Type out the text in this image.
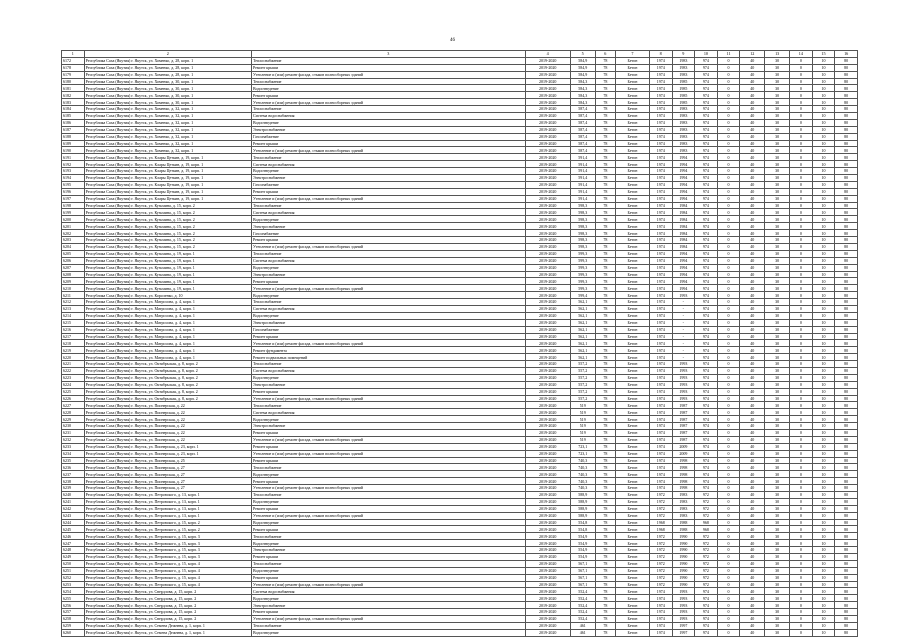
46
1	2	3	4	5	6	7	8	9	10	11	12	13	14	15	16
6172	Республика Саха (Якутия) г. Якутск, ул. Хоменко, д. 28, корп. 1	Теплоснабжение	2019-2020	584,9	78	Бетон	1974	1983	974	0	40	30	0	10	80
6178	Республика Саха (Якутия) г. Якутск, ул. Хоменко, д. 28, корп. 1	Ремонт крыши	2019-2020	584,9	78	Бетон	1974	1983	974	0	40	30	0	10	80
6179	Республика Саха (Якутия) г. Якутск, ул. Хоменко, д. 28, корп. 1	Утепление и (или) ремонт фасада, стыков полносборных зданий	2019-2020	584,9	78	Бетон	1974	1983	974	0	40	30	0	10	80
6180	Республика Саха (Якутия) г. Якутск, ул. Хоменко, д. 30, корп. 1	Теплоснабжение	2019-2020	584,3	78	Бетон	1974	1985	974	0	40	30	0	10	80
6181	Республика Саха (Якутия) г. Якутск, ул. Хоменко, д. 30, корп. 1	Водоотведение	2019-2020	584,3	78	Бетон	1974	1985	974	0	40	30	0	10	80
6182	Республика Саха (Якутия) г. Якутск, ул. Хоменко, д. 30, корп. 1	Ремонт крыши	2019-2020	584,3	78	Бетон	1974	1985	974	0	40	30	0	10	80
6183	Республика Саха (Якутия) г. Якутск, ул. Хоменко, д. 30, корп. 1	Утепление и (или) ремонт фасада, стыков полносборных зданий	2019-2020	584,3	78	Бетон	1974	1985	974	0	40	30	0	10	80
6184	Республика Саха (Якутия) г. Якутск, ул. Хоменко, д. 32, корп. 1	Теплоснабжение	2019-2020	587,4	78	Бетон	1974	1983	974	0	40	30	0	10	80
6185	Республика Саха (Якутия) г. Якутск, ул. Хоменко, д. 32, корп. 1	Система водоснабжения	2019-2020	587,4	78	Бетон	1974	1983	974	0	40	30	0	10	80
6186	Республика Саха (Якутия) г. Якутск, ул. Хоменко, д. 32, корп. 1	Водоотведение	2019-2020	587,4	78	Бетон	1974	1983	974	0	40	30	0	10	80
6187	Республика Саха (Якутия) г. Якутск, ул. Хоменко, д. 32, корп. 1	Электроснабжение	2019-2020	587,4	78	Бетон	1974	1983	974	0	40	30	0	10	80
6188	Республика Саха (Якутия) г. Якутск, ул. Хоменко, д. 32, корп. 1	Газоснабжение	2019-2020	587,4	78	Бетон	1974	1983	974	0	40	30	0	10	80
6189	Республика Саха (Якутия) г. Якутск, ул. Хоменко, д. 32, корп. 1	Ремонт крыши	2019-2020	587,4	78	Бетон	1974	1983	974	0	40	30	0	10	80
6190	Республика Саха (Якутия) г. Якутск, ул. Хоменко, д. 32, корп. 1	Утепление и (или) ремонт фасада, стыков полносборных зданий	2019-2020	587,4	78	Бетон	1974	1983	974	0	40	30	0	10	80
6191	Республика Саха (Якутия) г. Якутск, ул. Клары Цеткин, д. 19, корп. 1	Теплоснабжение	2019-2020	591,4	78	Бетон	1974	1994	974	0	40	30	0	10	80
6192	Республика Саха (Якутия) г. Якутск, ул. Клары Цеткин, д. 19, корп. 1	Система водоснабжения	2019-2020	591,4	78	Бетон	1974	1994	974	0	40	30	0	10	80
6193	Республика Саха (Якутия) г. Якутск, ул. Клары Цеткин, д. 19, корп. 1	Водоотведение	2019-2020	591,4	78	Бетон	1974	1994	974	0	40	30	0	10	80
6194	Республика Саха (Якутия) г. Якутск, ул. Клары Цеткин, д. 19, корп. 1	Электроснабжение	2019-2020	591,4	78	Бетон	1974	1994	974	0	40	30	0	10	80
6195	Республика Саха (Якутия) г. Якутск, ул. Клары Цеткин, д. 19, корп. 1	Газоснабжение	2019-2020	591,4	78	Бетон	1974	1994	974	0	40	30	0	10	80
6196	Республика Саха (Якутия) г. Якутск, ул. Клары Цеткин, д. 19, корп. 1	Ремонт крыши	2019-2020	591,4	78	Бетон	1974	1994	974	0	40	30	0	10	80
6197	Республика Саха (Якутия) г. Якутск, ул. Клары Цеткин, д. 19, корп. 1	Утепление и (или) ремонт фасада, стыков полносборных зданий	2019-2020	591,4	78	Бетон	1974	1994	974	0	40	30	0	10	80
6198	Республика Саха (Якутия) г. Якутск, ул. Кузьмина, д. 15, корп. 2	Теплоснабжение	2019-2020	598,3	78	Бетон	1974	1984	974	0	40	30	0	10	80
6199	Республика Саха (Якутия) г. Якутск, ул. Кузьмина, д. 15, корп. 2	Система водоснабжения	2019-2020	598,3	78	Бетон	1974	1984	974	0	40	30	0	10	80
6200	Республика Саха (Якутия) г. Якутск, ул. Кузьмина, д. 15, корп. 2	Водоотведение	2019-2020	598,3	78	Бетон	1974	1984	974	0	40	30	0	10	80
6201	Республика Саха (Якутия) г. Якутск, ул. Кузьмина, д. 15, корп. 2	Электроснабжение	2019-2020	598,3	78	Бетон	1974	1984	974	0	40	30	0	10	80
6202	Республика Саха (Якутия) г. Якутск, ул. Кузьмина, д. 15, корп. 2	Газоснабжение	2019-2020	598,3	78	Бетон	1974	1984	974	0	40	30	0	10	80
6203	Республика Саха (Якутия) г. Якутск, ул. Кузьмина, д. 15, корп. 2	Ремонт крыши	2019-2020	598,3	78	Бетон	1974	1984	974	0	40	30	0	10	80
6204	Республика Саха (Якутия) г. Якутск, ул. Кузьмина, д. 15, корп. 2	Утепление и (или) ремонт фасада, стыков полносборных зданий	2019-2020	598,3	78	Бетон	1974	1984	974	0	40	30	0	10	80
6205	Республика Саха (Якутия) г. Якутск, ул. Кузьмина, д. 19, корп. 1	Теплоснабжение	2019-2020	599,3	78	Бетон	1974	1994	974	0	40	30	0	10	80
6206	Республика Саха (Якутия) г. Якутск, ул. Кузьмина, д. 19, корп. 1	Система водоснабжения	2019-2020	599,3	78	Бетон	1974	1994	974	0	40	30	0	10	80
6207	Республика Саха (Якутия) г. Якутск, ул. Кузьмина, д. 19, корп. 1	Водоотведение	2019-2020	599,3	78	Бетон	1974	1994	974	0	40	30	0	10	80
6208	Республика Саха (Якутия) г. Якутск, ул. Кузьмина, д. 19, корп. 1	Электроснабжение	2019-2020	599,3	78	Бетон	1974	1994	974	0	40	30	0	10	80
6209	Республика Саха (Якутия) г. Якутск, ул. Кузьмина, д. 19, корп. 1	Ремонт крыши	2019-2020	599,3	78	Бетон	1974	1994	974	0	40	30	0	10	80
6210	Республика Саха (Якутия) г. Якутск, ул. Кузьмина, д. 19, корп. 1	Утепление и (или) ремонт фасада, стыков полносборных зданий	2019-2020	599,3	78	Бетон	1974	1994	974	0	40	30	0	10	80
6211	Республика Саха (Якутия) г. Якутск, ул. Короленко, д. 10	Водоотведение	2019-2020	599,4	78	Бетон	1974	1993	974	0	40	30	0	10	80
6212	Республика Саха (Якутия) г. Якутск, ул. Матросова, д. 4, корп. 1	Теплоснабжение	2019-2020	562,1	78	Бетон	1974	-	974	0	40	30	0	10	80
6213	Республика Саха (Якутия) г. Якутск, ул. Матросова, д. 4, корп. 1	Система водоснабжения	2019-2020	562,1	78	Бетон	1974	-	974	0	40	30	0	10	80
6214	Республика Саха (Якутия) г. Якутск, ул. Матросова, д. 4, корп. 1	Водоотведение	2019-2020	562,1	78	Бетон	1974	-	974	0	40	30	0	10	80
6215	Республика Саха (Якутия) г. Якутск, ул. Матросова, д. 4, корп. 1	Электроснабжение	2019-2020	562,1	78	Бетон	1974	-	974	0	40	30	0	10	80
6216	Республика Саха (Якутия) г. Якутск, ул. Матросова, д. 4, корп. 1	Газоснабжение	2019-2020	562,1	78	Бетон	1974	-	974	0	40	30	0	10	80
6217	Республика Саха (Якутия) г. Якутск, ул. Матросова, д. 4, корп. 1	Ремонт крыши	2019-2020	562,1	78	Бетон	1974	-	974	0	40	30	0	10	80
6218	Республика Саха (Якутия) г. Якутск, ул. Матросова, д. 4, корп. 1	Утепление и (или) ремонт фасада, стыков полносборных зданий	2019-2020	562,1	78	Бетон	1974	-	974	0	40	30	0	10	80
6219	Республика Саха (Якутия) г. Якутск, ул. Матросова, д. 4, корп. 1	Ремонт фундамента	2019-2020	562,1	78	Бетон	1974	-	974	0	40	30	0	10	80
6220	Республика Саха (Якутия) г. Якутск, ул. Матросова, д. 4, корп. 1	Ремонт подвальных помещений	2019-2020	562,1	78	Бетон	1974	-	974	0	40	30	0	10	80
6221	Республика Саха (Якутия) г. Якутск, ул. Октябрьская, д. 8, корп. 2	Теплоснабжение	2019-2020	557,2	78	Бетон	1974	1993	974	0	40	30	0	10	80
6222	Республика Саха (Якутия) г. Якутск, ул. Октябрьская, д. 8, корп. 2	Система водоснабжения	2019-2020	557,2	78	Бетон	1974	1993	974	0	40	30	0	10	80
6223	Республика Саха (Якутия) г. Якутск, ул. Октябрьская, д. 8, корп. 2	Водоотведение	2019-2020	557,2	78	Бетон	1974	1993	974	0	40	30	0	10	80
6224	Республика Саха (Якутия) г. Якутск, ул. Октябрьская, д. 8, корп. 2	Электроснабжение	2019-2020	557,2	78	Бетон	1974	1993	974	0	40	30	0	10	80
6225	Республика Саха (Якутия) г. Якутск, ул. Октябрьская, д. 8, корп. 2	Ремонт крыши	2019-2020	557,2	78	Бетон	1974	1993	974	0	40	30	0	10	80
6226	Республика Саха (Якутия) г. Якутск, ул. Октябрьская, д. 8, корп. 2	Утепление и (или) ремонт фасада, стыков полносборных зданий	2019-2020	557,2	78	Бетон	1974	1993	974	0	40	30	0	10	80
6227	Республика Саха (Якутия) г. Якутск, ул. Пионерская, д. 22	Теплоснабжение	2019-2020	519	78	Бетон	1974	1987	974	0	40	30	0	10	80
6228	Республика Саха (Якутия) г. Якутск, ул. Пионерская, д. 22	Система водоснабжения	2019-2020	519	78	Бетон	1974	1987	974	0	40	30	0	10	80
6229	Республика Саха (Якутия) г. Якутск, ул. Пионерская, д. 22	Водоотведение	2019-2020	519	78	Бетон	1974	1987	974	0	40	30	0	10	80
6230	Республика Саха (Якутия) г. Якутск, ул. Пионерская, д. 22	Электроснабжение	2019-2020	519	78	Бетон	1974	1987	974	0	40	30	0	10	80
6231	Республика Саха (Якутия) г. Якутск, ул. Пионерская, д. 22	Ремонт крыши	2019-2020	519	78	Бетон	1974	1987	974	0	40	30	0	10	80
6232	Республика Саха (Якутия) г. Якутск, ул. Пионерская, д. 22	Утепление и (или) ремонт фасада, стыков полносборных зданий	2019-2020	519	78	Бетон	1974	1987	974	0	40	30	0	10	80
6233	Республика Саха (Якутия) г. Якутск, ул. Пионерская, д. 23, корп. 1	Ремонт крыши	2019-2020	723,1	78	Бетон	1974	2009	974	0	40	30	0	10	80
6234	Республика Саха (Якутия) г. Якутск, ул. Пионерская, д. 23, корп. 1	Утепление и (или) ремонт фасада, стыков полносборных зданий	2019-2020	723,1	78	Бетон	1974	2009	974	0	40	30	0	10	80
6235	Республика Саха (Якутия) г. Якутск, ул. Пионерская, д. 25	Ремонт крыши	2019-2020	740,3	78	Бетон	1974	1998	974	0	40	30	0	10	80
6236	Республика Саха (Якутия) г. Якутск, ул. Пионерская, д. 27	Теплоснабжение	2019-2020	740,3	78	Бетон	1974	1998	974	0	40	30	0	10	80
6237	Республика Саха (Якутия) г. Якутск, ул. Пионерская, д. 27	Водоотведение	2019-2020	740,3	78	Бетон	1974	1998	974	0	40	30	0	10	80
6238	Республика Саха (Якутия) г. Якутск, ул. Пионерская, д. 27	Ремонт крыши	2019-2020	740,3	78	Бетон	1974	1998	974	0	40	30	0	10	80
6239	Республика Саха (Якутия) г. Якутск, ул. Пионерская, д. 27	Утепление и (или) ремонт фасада, стыков полносборных зданий	2019-2020	740,3	78	Бетон	1974	1998	974	0	40	30	0	10	80
6240	Республика Саха (Якутия) г. Якутск, ул. Петровского, д. 13, корп. 1	Теплоснабжение	2019-2020	588,9	78	Бетон	1972	1983	972	0	40	30	0	10	80
6241	Республика Саха (Якутия) г. Якутск, ул. Петровского, д. 13, корп. 1	Водоотведение	2019-2020	588,9	78	Бетон	1972	1983	972	0	40	30	0	10	80
6242	Республика Саха (Якутия) г. Якутск, ул. Петровского, д. 13, корп. 1	Ремонт крыши	2019-2020	588,9	78	Бетон	1972	1983	972	0	40	30	0	10	80
6243	Республика Саха (Якутия) г. Якутск, ул. Петровского, д. 13, корп. 1	Утепление и (или) ремонт фасада, стыков полносборных зданий	2019-2020	588,9	78	Бетон	1972	1983	972	0	40	30	0	10	80
6244	Республика Саха (Якутия) г. Якутск, ул. Петровского, д. 15, корп. 2	Водоотведение	2019-2020	554,8	78	Бетон	1968	1988	968	0	40	30	0	10	80
6245	Республика Саха (Якутия) г. Якутск, ул. Петровского, д. 15, корп. 2	Ремонт крыши	2019-2020	554,8	78	Бетон	1968	1988	968	0	40	30	0	10	80
6246	Республика Саха (Якутия) г. Якутск, ул. Петровского, д. 15, корп. 3	Теплоснабжение	2019-2020	554,9	78	Бетон	1972	1990	972	0	40	30	0	10	80
6247	Республика Саха (Якутия) г. Якутск, ул. Петровского, д. 15, корп. 3	Водоотведение	2019-2020	554,9	78	Бетон	1972	1990	972	0	40	30	0	10	80
6248	Республика Саха (Якутия) г. Якутск, ул. Петровского, д. 15, корп. 3	Электроснабжение	2019-2020	554,9	78	Бетон	1972	1990	972	0	40	30	0	10	80
6249	Республика Саха (Якутия) г. Якутск, ул. Петровского, д. 15, корп. 3	Ремонт крыши	2019-2020	554,9	78	Бетон	1972	1990	972	0	40	30	0	10	80
6250	Республика Саха (Якутия) г. Якутск, ул. Петровского, д. 15, корп. 4	Теплоснабжение	2019-2020	567,1	78	Бетон	1972	1990	972	0	40	30	0	10	80
6251	Республика Саха (Якутия) г. Якутск, ул. Петровского, д. 15, корп. 4	Водоотведение	2019-2020	567,1	78	Бетон	1972	1990	972	0	40	30	0	10	80
6252	Республика Саха (Якутия) г. Якутск, ул. Петровского, д. 15, корп. 4	Ремонт крыши	2019-2020	567,1	78	Бетон	1972	1990	972	0	40	30	0	10	80
6253	Республика Саха (Якутия) г. Якутск, ул. Петровского, д. 15, корп. 4	Утепление и (или) ремонт фасада, стыков полносборных зданий	2019-2020	567,1	78	Бетон	1972	1990	972	0	40	30	0	10	80
6254	Республика Саха (Якутия) г. Якутск, ул. Свердлова, д. 15, корп. 2	Система водоснабжения	2019-2020	552,4	78	Бетон	1974	1993	974	0	40	30	0	10	80
6255	Республика Саха (Якутия) г. Якутск, ул. Свердлова, д. 15, корп. 2	Водоотведение	2019-2020	552,4	78	Бетон	1974	1993	974	0	40	30	0	10	80
6256	Республика Саха (Якутия) г. Якутск, ул. Свердлова, д. 15, корп. 2	Электроснабжение	2019-2020	552,4	78	Бетон	1974	1993	974	0	40	30	0	10	80
6257	Республика Саха (Якутия) г. Якутск, ул. Свердлова, д. 15, корп. 2	Ремонт крыши	2019-2020	552,4	78	Бетон	1974	1993	974	0	40	30	0	10	80
6258	Республика Саха (Якутия) г. Якутск, ул. Свердлова, д. 15, корп. 2	Утепление и (или) ремонт фасада, стыков полносборных зданий	2019-2020	552,4	78	Бетон	1974	1993	974	0	40	30	0	10	80
6259	Республика Саха (Якутия) г. Якутск, ул. Семена Дежнева, д. 1, корп. 1	Теплоснабжение	2019-2020	461	78	Бетон	1974	1997	974	0	40	30	0	10	80
6260	Республика Саха (Якутия) г. Якутск, ул. Семена Дежнева, д. 1, корп. 1	Водоотведение	2019-2020	461	78	Бетон	1974	1997	974	0	40	30	0	10	80
